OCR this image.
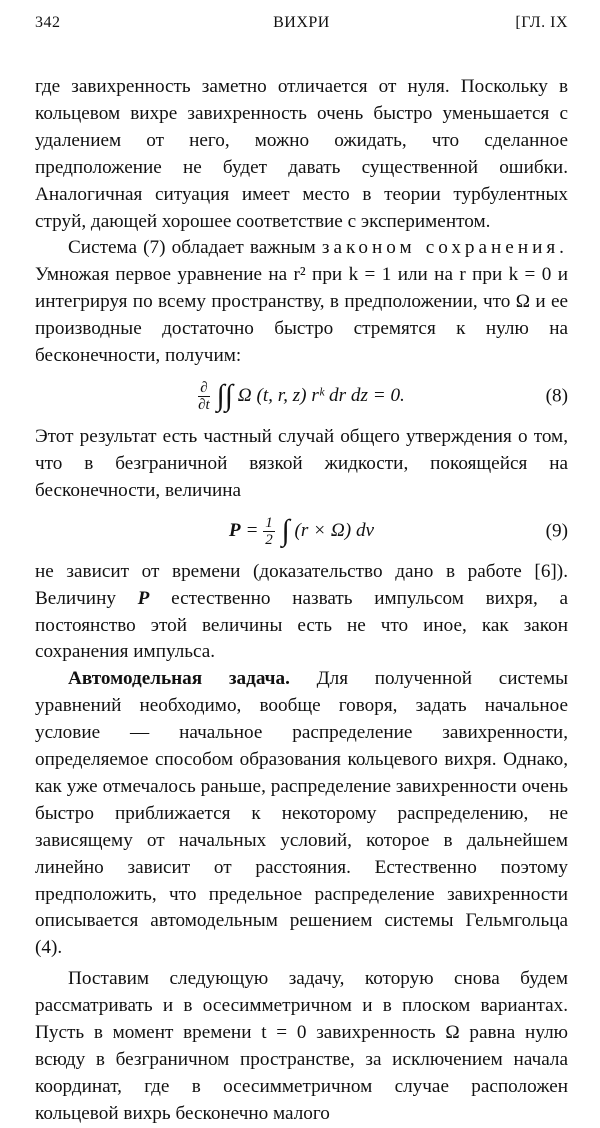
342	ВИХРИ	[ГЛ. IX

где завихренность заметно отличается от нуля. Поскольку в кольцевом вихре завихренность очень быстро уменьшается с удалением от него, можно ожидать, что сделанное предположение не будет давать существенной ошибки. Аналогичная ситуация имеет место в теории турбулентных струй, дающей хорошее соответствие с экспериментом.

Система (7) обладает важным законом сохранения. Умножая первое уравнение на r² при k = 1 или на r при k = 0 и интегрируя по всему пространству, в предположении, что Ω и ее производные достаточно быстро стремятся к нулю на бесконечности, получим:

$\frac{\partial}{\partial t}$ ∫∫ Ω (t, r, z) rᵏ dr dz = 0.	(8)

Этот результат есть частный случай общего утверждения о том, что в безграничной вязкой жидкости, покоящейся на бесконечности, величина

$P = \frac{1}{2}$ ∫ (r × Ω) dv	(9)

не зависит от времени (доказательство дано в работе [6]). Величину P естественно назвать импульсом вихря, а постоянство этой величины есть не что иное, как закон сохранения импульса.

Автомодельная задача. Для полученной системы уравнений необходимо, вообще говоря, задать начальное условие — начальное распределение завихренности, определяемое способом образования кольцевого вихря. Однако, как уже отмечалось раньше, распределение завихренности очень быстро приближается к некоторому распределению, не зависящему от начальных условий, которое в дальнейшем линейно зависит от расстояния. Естественно поэтому предположить, что предельное распределение завихренности описывается автомодельным решением системы Гельмгольца (4).

Поставим следующую задачу, которую снова будем рассматривать и в осесимметричном и в плоском вариантах. Пусть в момент времени t = 0 завихренность Ω равна нулю всюду в безграничном пространстве, за исключением начала координат, где в осесимметричном случае расположен кольцевой вихрь бесконечно малого
